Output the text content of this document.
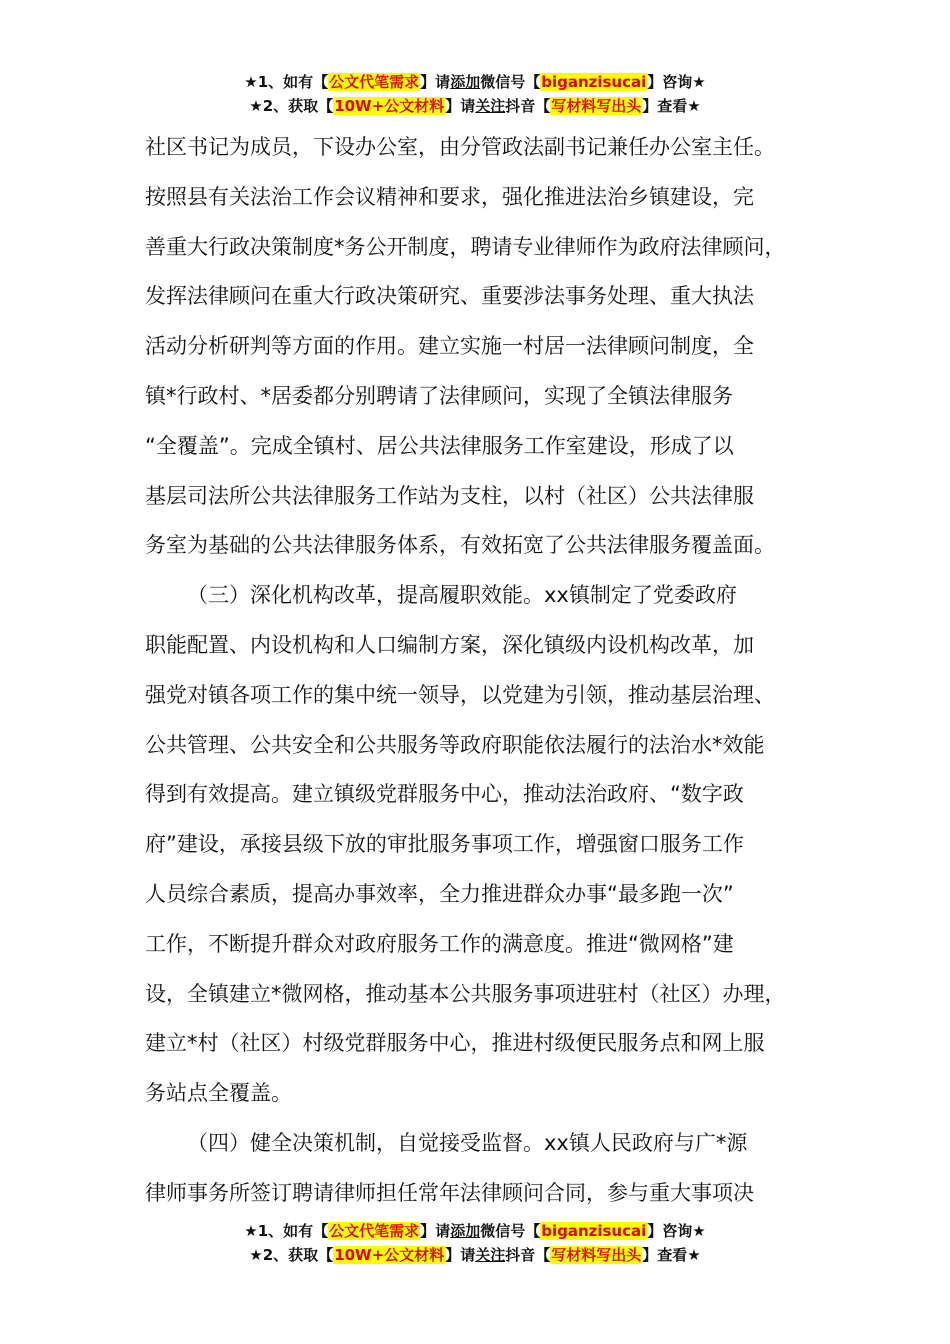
★1、如有【公文代笔需求】请添加微信号【biganzisucai】咨询★
★2、获取【10W+公文材料】请关注抖音【写材料写出头】查看★
社区书记为成员，下设办公室，由分管政法副书记兼任办公室主任。
按照县有关法治工作会议精神和要求，强化推进法治乡镇建设，完
善重大行政决策制度*务公开制度，聘请专业律师作为政府法律顾问，
发挥法律顾问在重大行政决策研究、重要涉法事务处理、重大执法
活动分析研判等方面的作用。建立实施一村居一法律顾问制度，全
镇*行政村、*居委都分别聘请了法律顾问，实现了全镇法律服务
“全覆盖”。完成全镇村、居公共法律服务工作室建设，形成了以
基层司法所公共法律服务工作站为支柱，以村（社区）公共法律服
务室为基础的公共法律服务体系，有效拓宽了公共法律服务覆盖面。
（三）深化机构改革，提高履职效能。xx镇制定了党委政府
职能配置、内设机构和人口编制方案，深化镇级内设机构改革，加
强党对镇各项工作的集中统一领导，以党建为引领，推动基层治理、
公共管理、公共安全和公共服务等政府职能依法履行的法治水*效能
得到有效提高。建立镇级党群服务中心，推动法治政府、“数字政
府”建设，承接县级下放的审批服务事项工作，增强窗口服务工作
人员综合素质，提高办事效率，全力推进群众办事“最多跑一次”
工作，不断提升群众对政府服务工作的满意度。推进“微网格”建
设，全镇建立*微网格，推动基本公共服务事项进驻村（社区）办理，
建立*村（社区）村级党群服务中心，推进村级便民服务点和网上服
务站点全覆盖。
（四）健全决策机制，自觉接受监督。xx镇人民政府与广*源
律师事务所签订聘请律师担任常年法律顾问合同，参与重大事项决
★1、如有【公文代笔需求】请添加微信号【biganzisucai】咨询★
★2、获取【10W+公文材料】请关注抖音【写材料写出头】查看★
